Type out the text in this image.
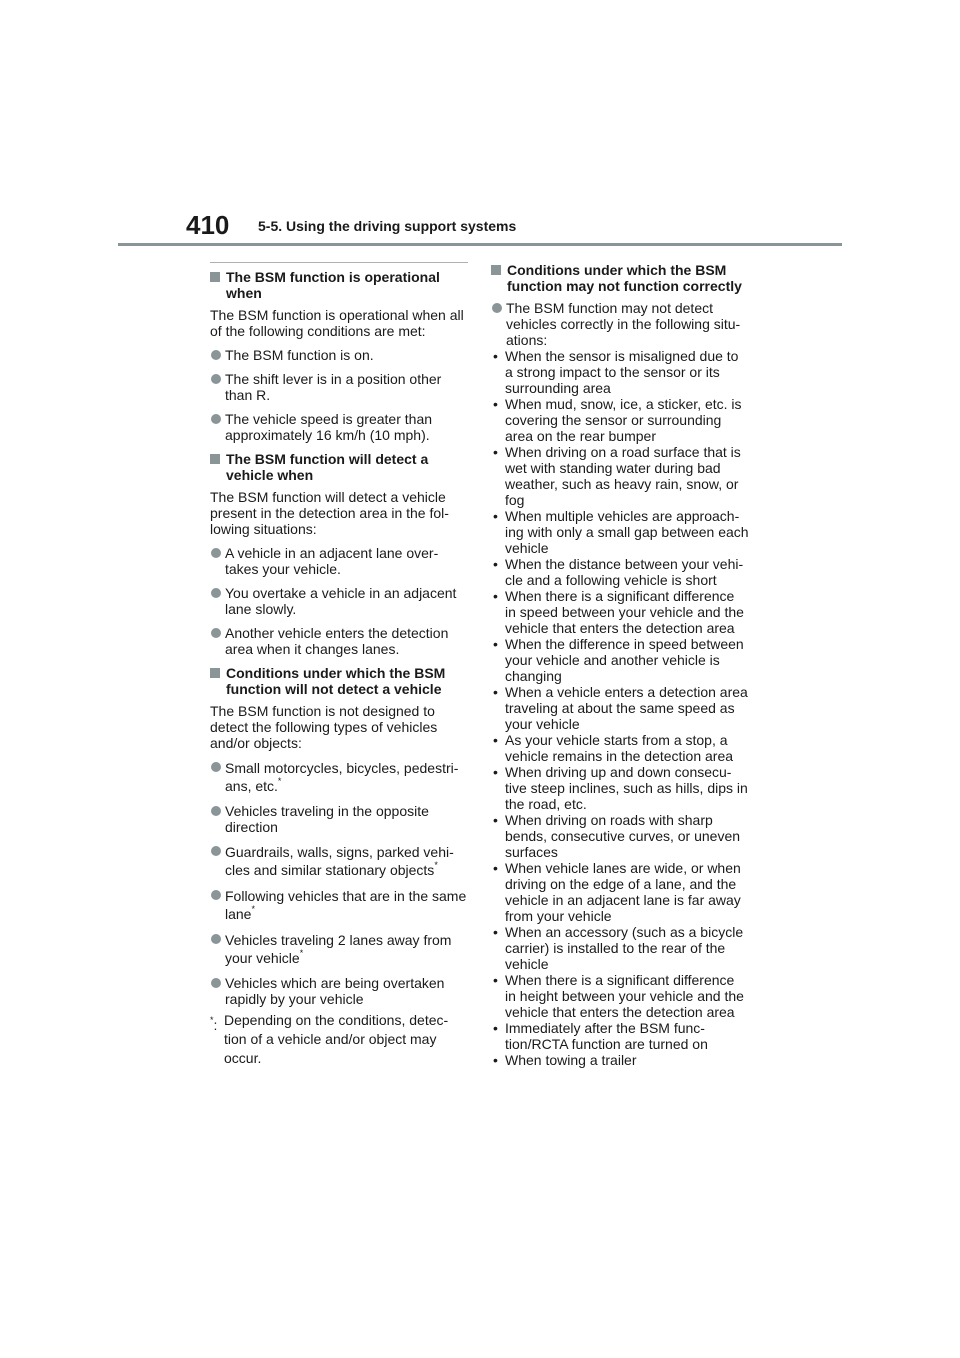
410 5-5. Using the driving support systems
The BSM function is operational when

The BSM function is operational when all of the following conditions are met:

The BSM function is on.
The shift lever is in a position other than R.
The vehicle speed is greater than approximately 16 km/h (10 mph).
The BSM function will detect a vehicle when

The BSM function will detect a vehicle present in the detection area in the fol-lowing situations:

A vehicle in an adjacent lane over-takes your vehicle.
You overtake a vehicle in an adjacent lane slowly.
Another vehicle enters the detection area when it changes lanes.
Conditions under which the BSM function will not detect a vehicle

The BSM function is not designed to detect the following types of vehicles and/or objects:

Small motorcycles, bicycles, pedestri-ans, etc.*
Vehicles traveling in the opposite direction
Guardrails, walls, signs, parked vehi-cles and similar stationary objects*
Following vehicles that are in the same lane*
Vehicles traveling 2 lanes away from your vehicle*
Vehicles which are being overtaken rapidly by your vehicle
*: Depending on the conditions, detec-tion of a vehicle and/or object may occur.
Conditions under which the BSM function may not function correctly
The BSM function may not detect vehicles correctly in the following situ-ations:
• When the sensor is misaligned due to a strong impact to the sensor or its surrounding area
• When mud, snow, ice, a sticker, etc. is covering the sensor or surrounding area on the rear bumper
• When driving on a road surface that is wet with standing water during bad weather, such as heavy rain, snow, or fog
• When multiple vehicles are approach-ing with only a small gap between each vehicle
• When the distance between your vehi-cle and a following vehicle is short
• When there is a significant difference in speed between your vehicle and the vehicle that enters the detection area
• When the difference in speed between your vehicle and another vehicle is changing
• When a vehicle enters a detection area traveling at about the same speed as your vehicle
• As your vehicle starts from a stop, a vehicle remains in the detection area
• When driving up and down consecu-tive steep inclines, such as hills, dips in the road, etc.
• When driving on roads with sharp bends, consecutive curves, or uneven surfaces
• When vehicle lanes are wide, or when driving on the edge of a lane, and the vehicle in an adjacent lane is far away from your vehicle
• When an accessory (such as a bicycle carrier) is installed to the rear of the vehicle
• When there is a significant difference in height between your vehicle and the vehicle that enters the detection area
• Immediately after the BSM func-tion/RCTA function are turned on
• When towing a trailer
